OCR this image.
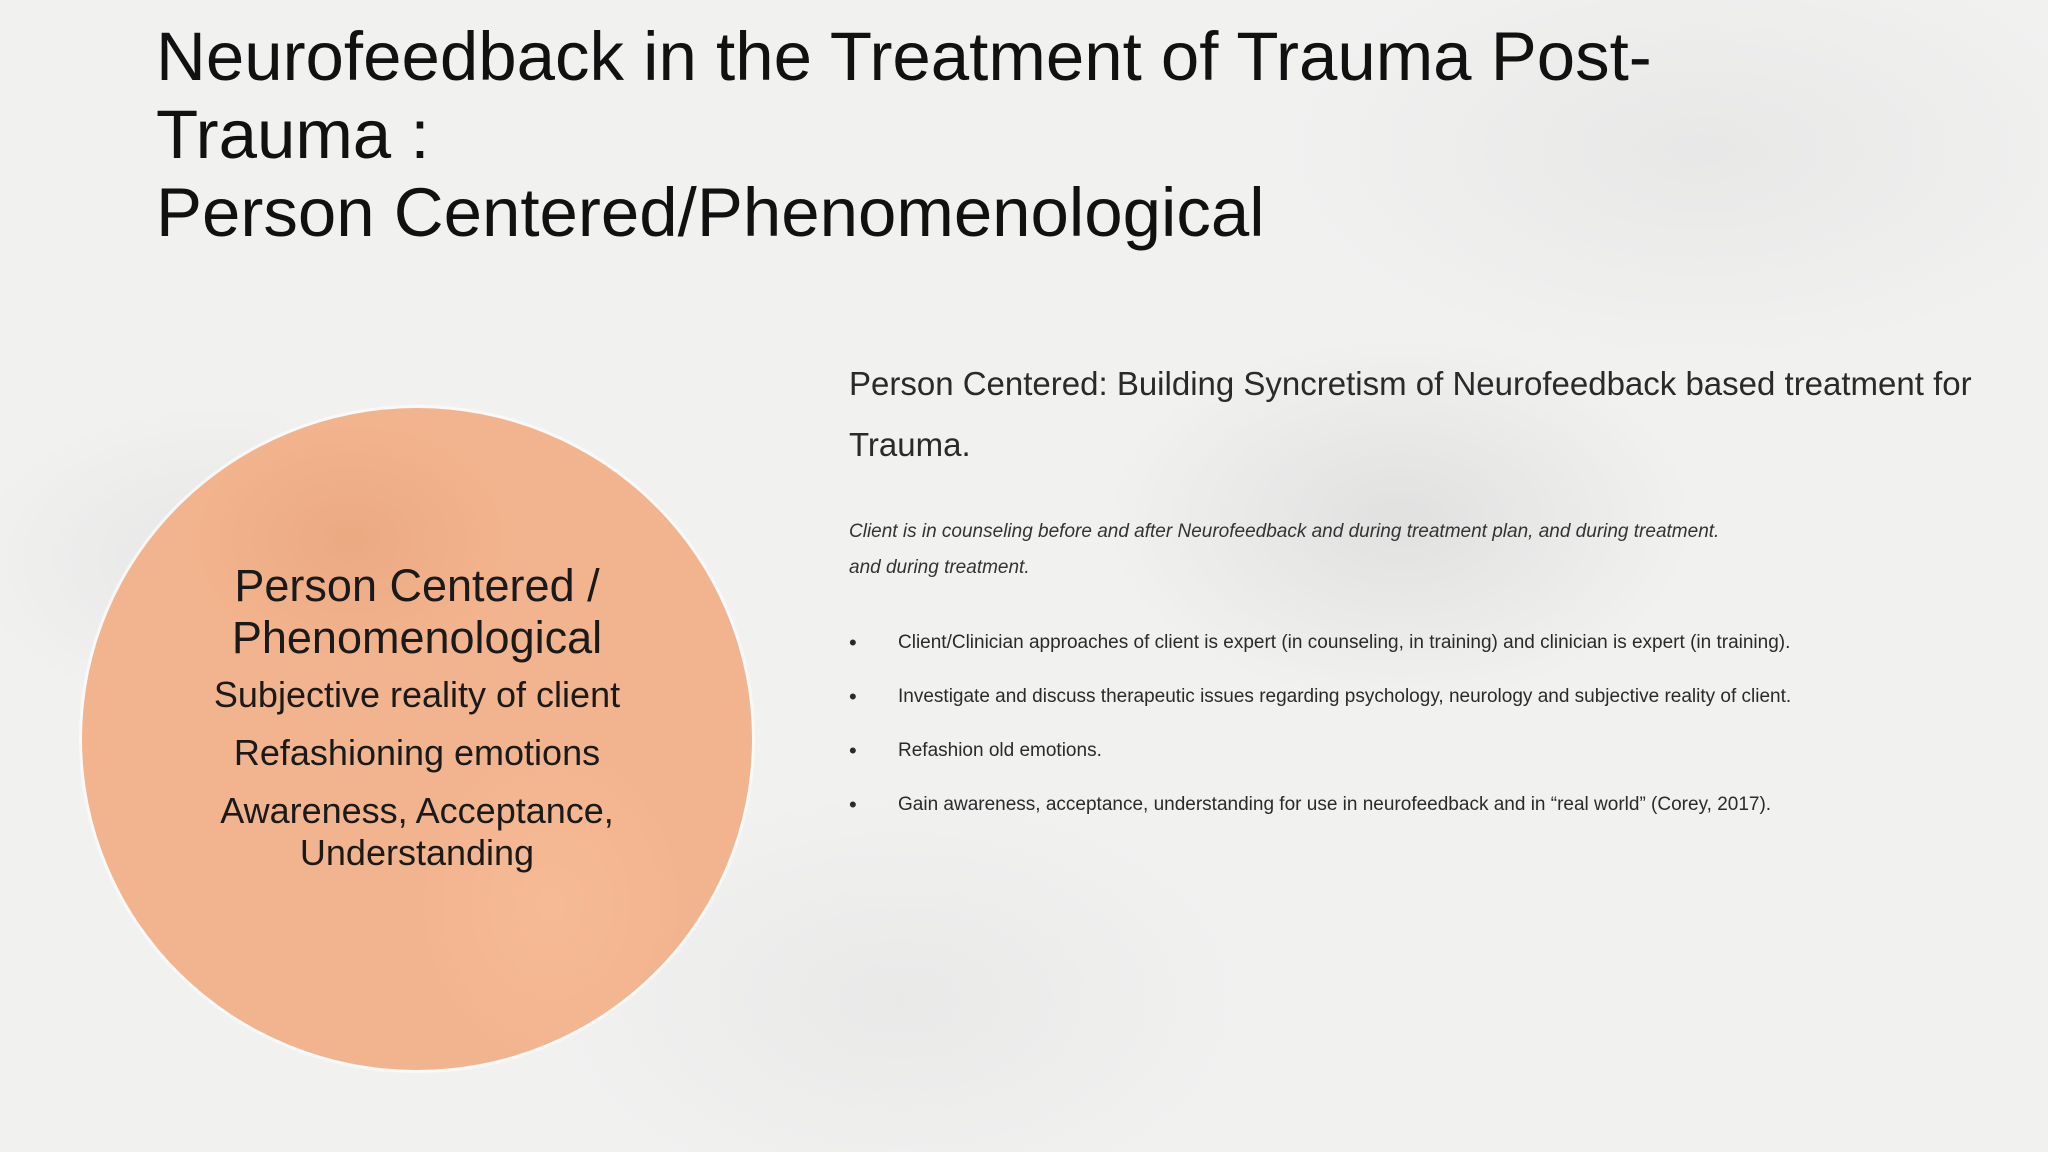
Neurofeedback in the Treatment of Trauma Post-
Trauma :
Person Centered/Phenomenological
Person Centered /
Phenomenological

Subjective reality of client

Refashioning emotions

Awareness, Acceptance,

Understanding

Person Centered: Building Syncretism of Neurofeedback based treatment for Trauma.

Client is in counseling before and after Neurofeedback and during treatment plan, and during treatment.
and during treatment.

• Client/Clinician approaches of client is expert (in counseling, in training) and clinician is expert (in training).
• Investigate and discuss therapeutic issues regarding psychology, neurology and subjective reality of client.
• Refashion old emotions.
• Gain awareness, acceptance, understanding for use in neurofeedback and in “real world” (Corey, 2017).
